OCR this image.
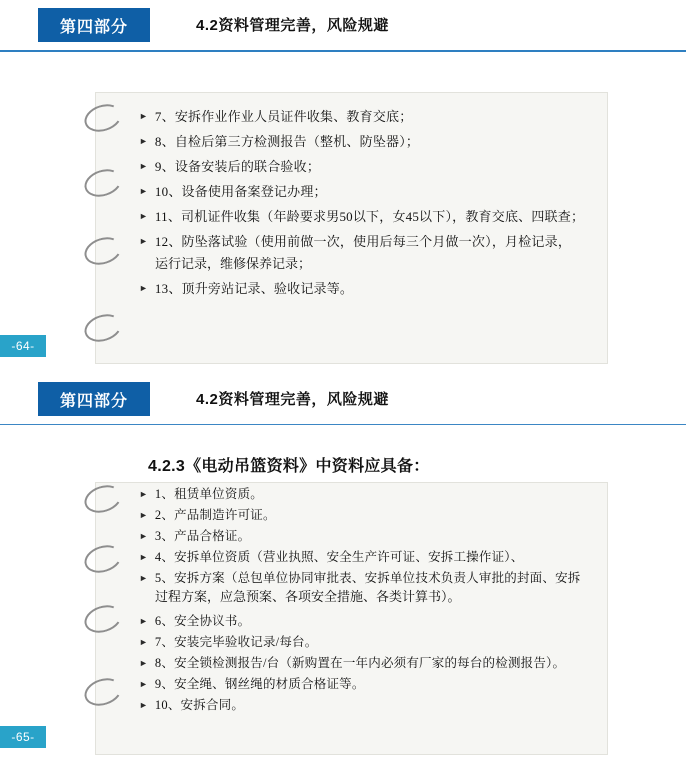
第四部分	4.2资料管理完善，风险规避
► 7、安拆作业作业人员证件收集、教育交底；
► 8、自检后第三方检测报告（整机、防坠器）；
► 9、设备安装后的联合验收；
► 10、设备使用备案登记办理；
► 11、司机证件收集（年龄要求男50以下，女45以下），教育交底、四联查；
► 12、防坠落试验（使用前做一次，使用后每三个月做一次），月检记录，
运行记录，维修保养记录；
► 13、顶升旁站记录、验收记录等。
-64-
第四部分	4.2资料管理完善，风险规避
4.2.3《电动吊篮资料》中资料应具备：
► 1、租赁单位资质。
► 2、产品制造许可证。
► 3、产品合格证。
► 4、安拆单位资质（营业执照、安全生产许可证、安拆工操作证）、
► 5、安拆方案（总包单位协同审批表、安拆单位技术负责人审批的封面、安拆
过程方案，应急预案、各项安全措施、各类计算书）。
► 6、安全协议书。
► 7、安装完毕验收记录/每台。
► 8、安全锁检测报告/台（新购置在一年内必须有厂家的每台的检测报告）。
► 9、安全绳、钢丝绳的材质合格证等。
► 10、安拆合同。
-65-
